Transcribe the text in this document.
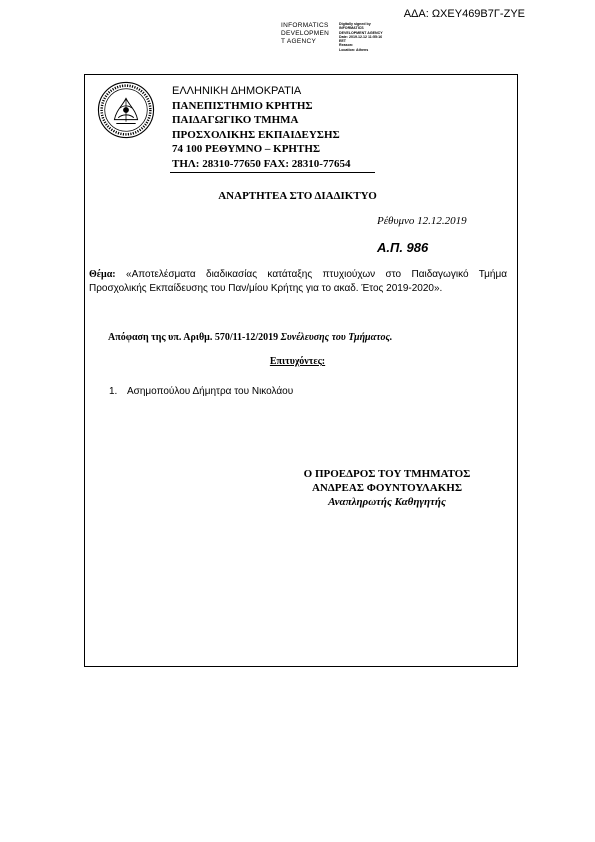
ΑΔΑ: ΩΧΕΥ469Β7Γ-ΖΥΕ
INFORMATICS
DEVELOPMEN
T AGENCY
Digitally signed by
INFORMATICS
DEVELOPMENT AGENCY
Date: 2019.12.12 11:55:16
EET
Reason:
Location: Athens
ΕΛΛΗΝΙΚΗ ΔΗΜΟΚΡΑΤΙΑ
ΠΑΝΕΠΙΣΤΗΜΙΟ ΚΡΗΤΗΣ
ΠΑΙΔΑΓΩΓΙΚΟ ΤΜΗΜΑ
ΠΡΟΣΧΟΛΙΚΗΣ ΕΚΠΑΙΔΕΥΣΗΣ
74 100 ΡΕΘΥΜΝΟ – ΚΡΗΤΗΣ
ΤΗΛ: 28310-77650 FAX: 28310-77654
ΑΝΑΡΤΗΤΕΑ ΣΤΟ ΔΙΑΔΙΚΤΥΟ
Ρέθυμνο 12.12.2019
Α.Π. 986
Θέμα: «Αποτελέσματα διαδικασίας κατάταξης πτυχιούχων στο Παιδαγωγικό Τμήμα Προσχολικής Εκπαίδευσης του Παν/μίου Κρήτης για το ακαδ. Έτος 2019-2020».
Απόφαση της υπ. Αριθμ. 570/11-12/2019 Συνέλευσης του Τμήματος.
Επιτυχόντες:
1. Ασημοπούλου Δήμητρα του Νικολάου
Ο ΠΡΟΕΔΡΟΣ ΤΟΥ ΤΜΗΜΑΤΟΣ
ΑΝΔΡΕΑΣ ΦΟΥΝΤΟΥΛΑΚΗΣ
Αναπληρωτής Καθηγητής
